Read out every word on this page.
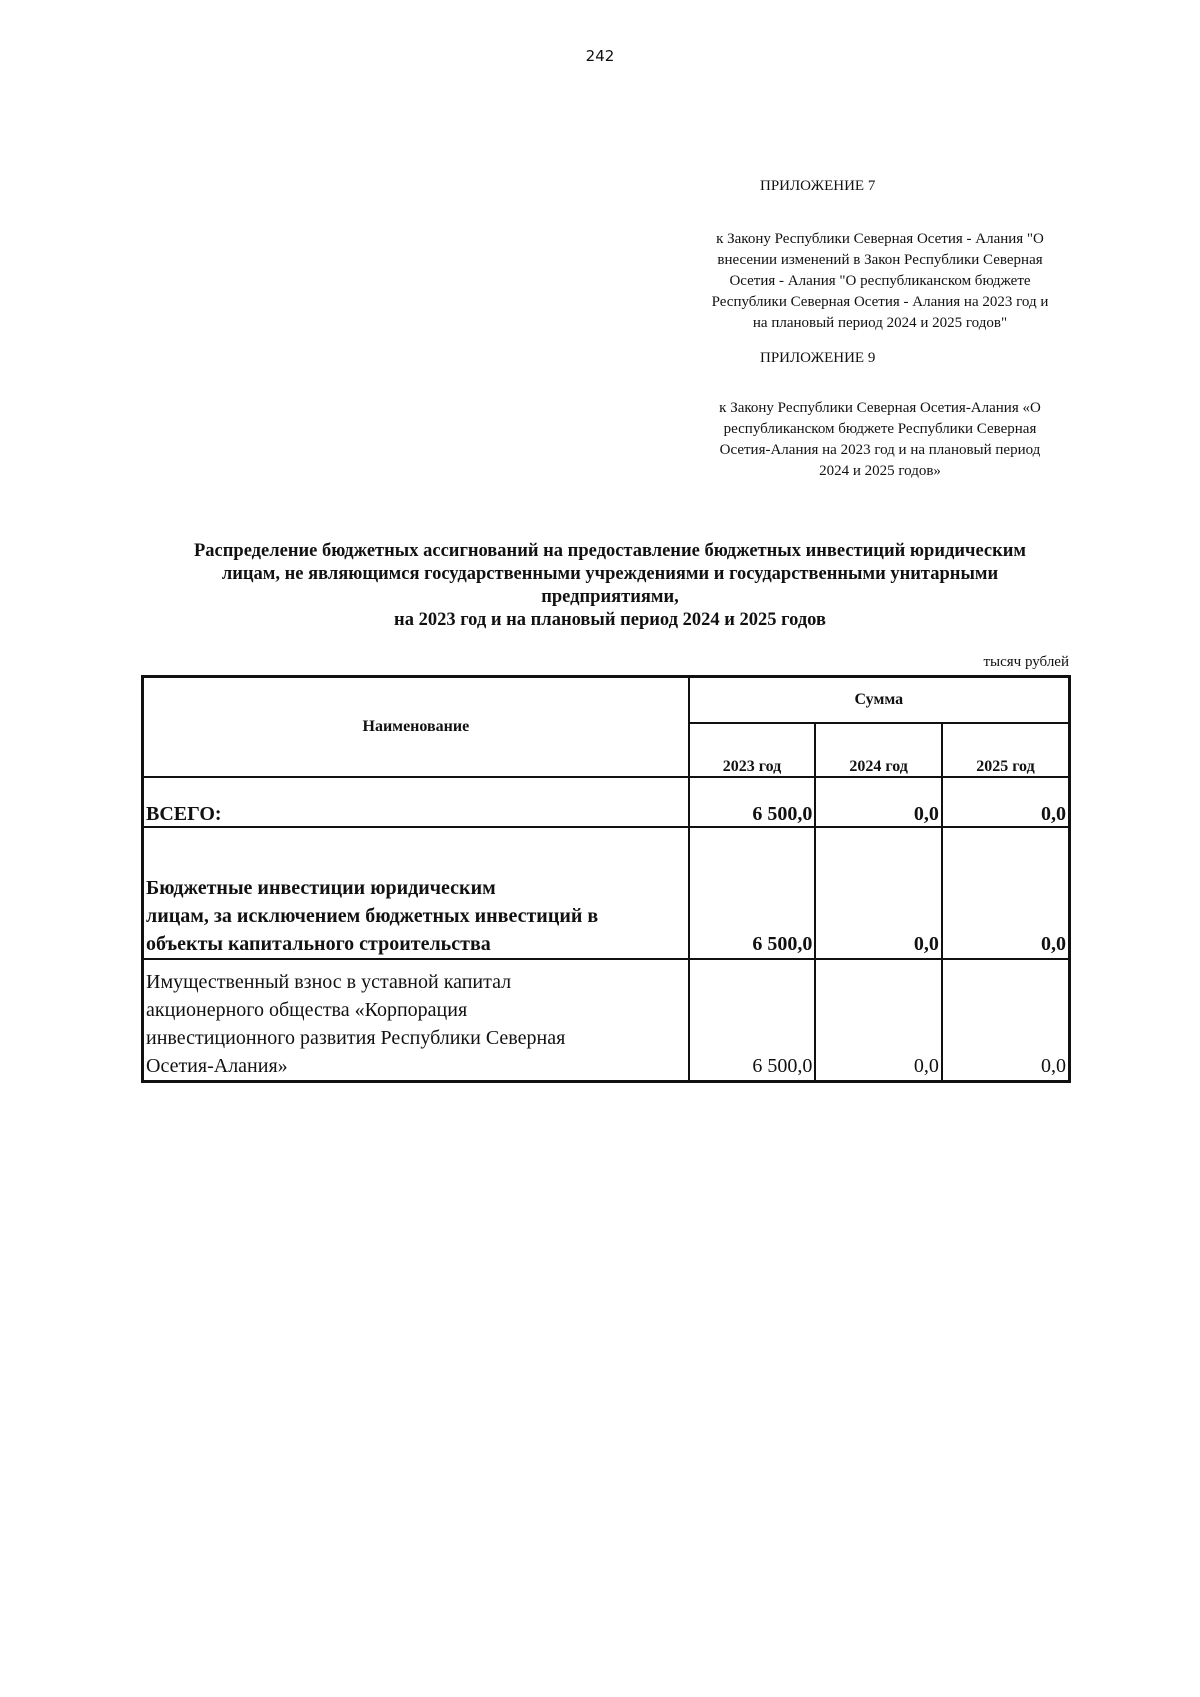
242
ПРИЛОЖЕНИЕ 7
к Закону Республики Северная Осетия - Алания "О
внесении изменений в Закон Республики Северная
Осетия - Алания "О республиканском бюджете
Республики Северная Осетия - Алания на 2023 год и
на плановый период 2024 и 2025 годов"
ПРИЛОЖЕНИЕ 9
к Закону Республики Северная Осетия-Алания «О
республиканском бюджете Республики Северная
Осетия-Алания на 2023 год и на плановый период
2024 и 2025 годов»
Распределение бюджетных ассигнований на предоставление бюджетных инвестиций юридическим
лицам, не являющимся государственными учреждениями и государственными унитарными
предприятиями,
на 2023 год и на плановый период 2024 и 2025 годов
тысяч рублей
Наименование	Сумма		
	2023 год	2024 год	2025 год

ВСЕГО:	6 500,0	0,0	0,0

Бюджетные инвестиции юридическим
лицам, за исключением бюджетных инвестиций в
объекты капитального строительства	6 500,0	0,0	0,0

Имущественный взнос в уставной капитал
акционерного общества «Корпорация
инвестиционного развития Республики Северная
Осетия-Алания»	6 500,0	0,0	0,0
